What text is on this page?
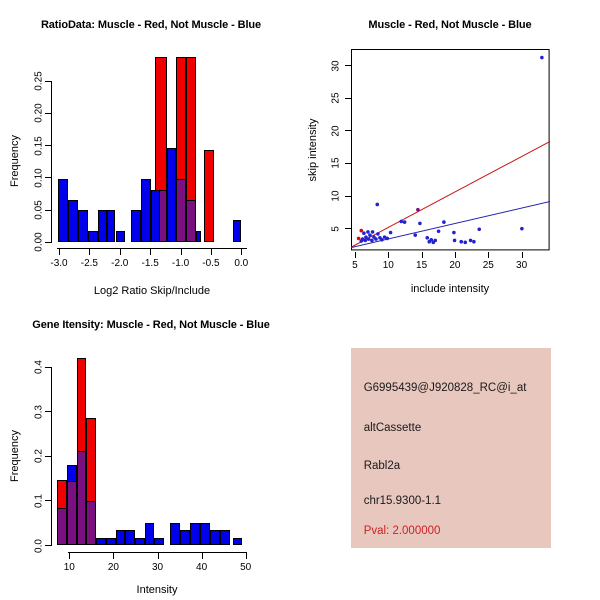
RatioData: Muscle - Red, Not Muscle - Blue
Frequency
Log2 Ratio Skip/Include
0.00
0.05
0.10
0.15
0.20
0.25
-3.0 -2.5 -2.0 -1.5 -1.0 -0.5 0.0
Muscle - Red, Not Muscle - Blue
skip intensity
include intensity
5 10 15 20 25 30
5
10
15
20
25
30
Gene Itensity: Muscle - Red, Not Muscle - Blue
Frequency
Intensity
0.0
0.1
0.2
0.3
0.4
10	20	30	40	50
G6995439@J920828_RC@i_at
altCassette
Rabl2a
chr15.9300-1.1
Pval: 2.000000
